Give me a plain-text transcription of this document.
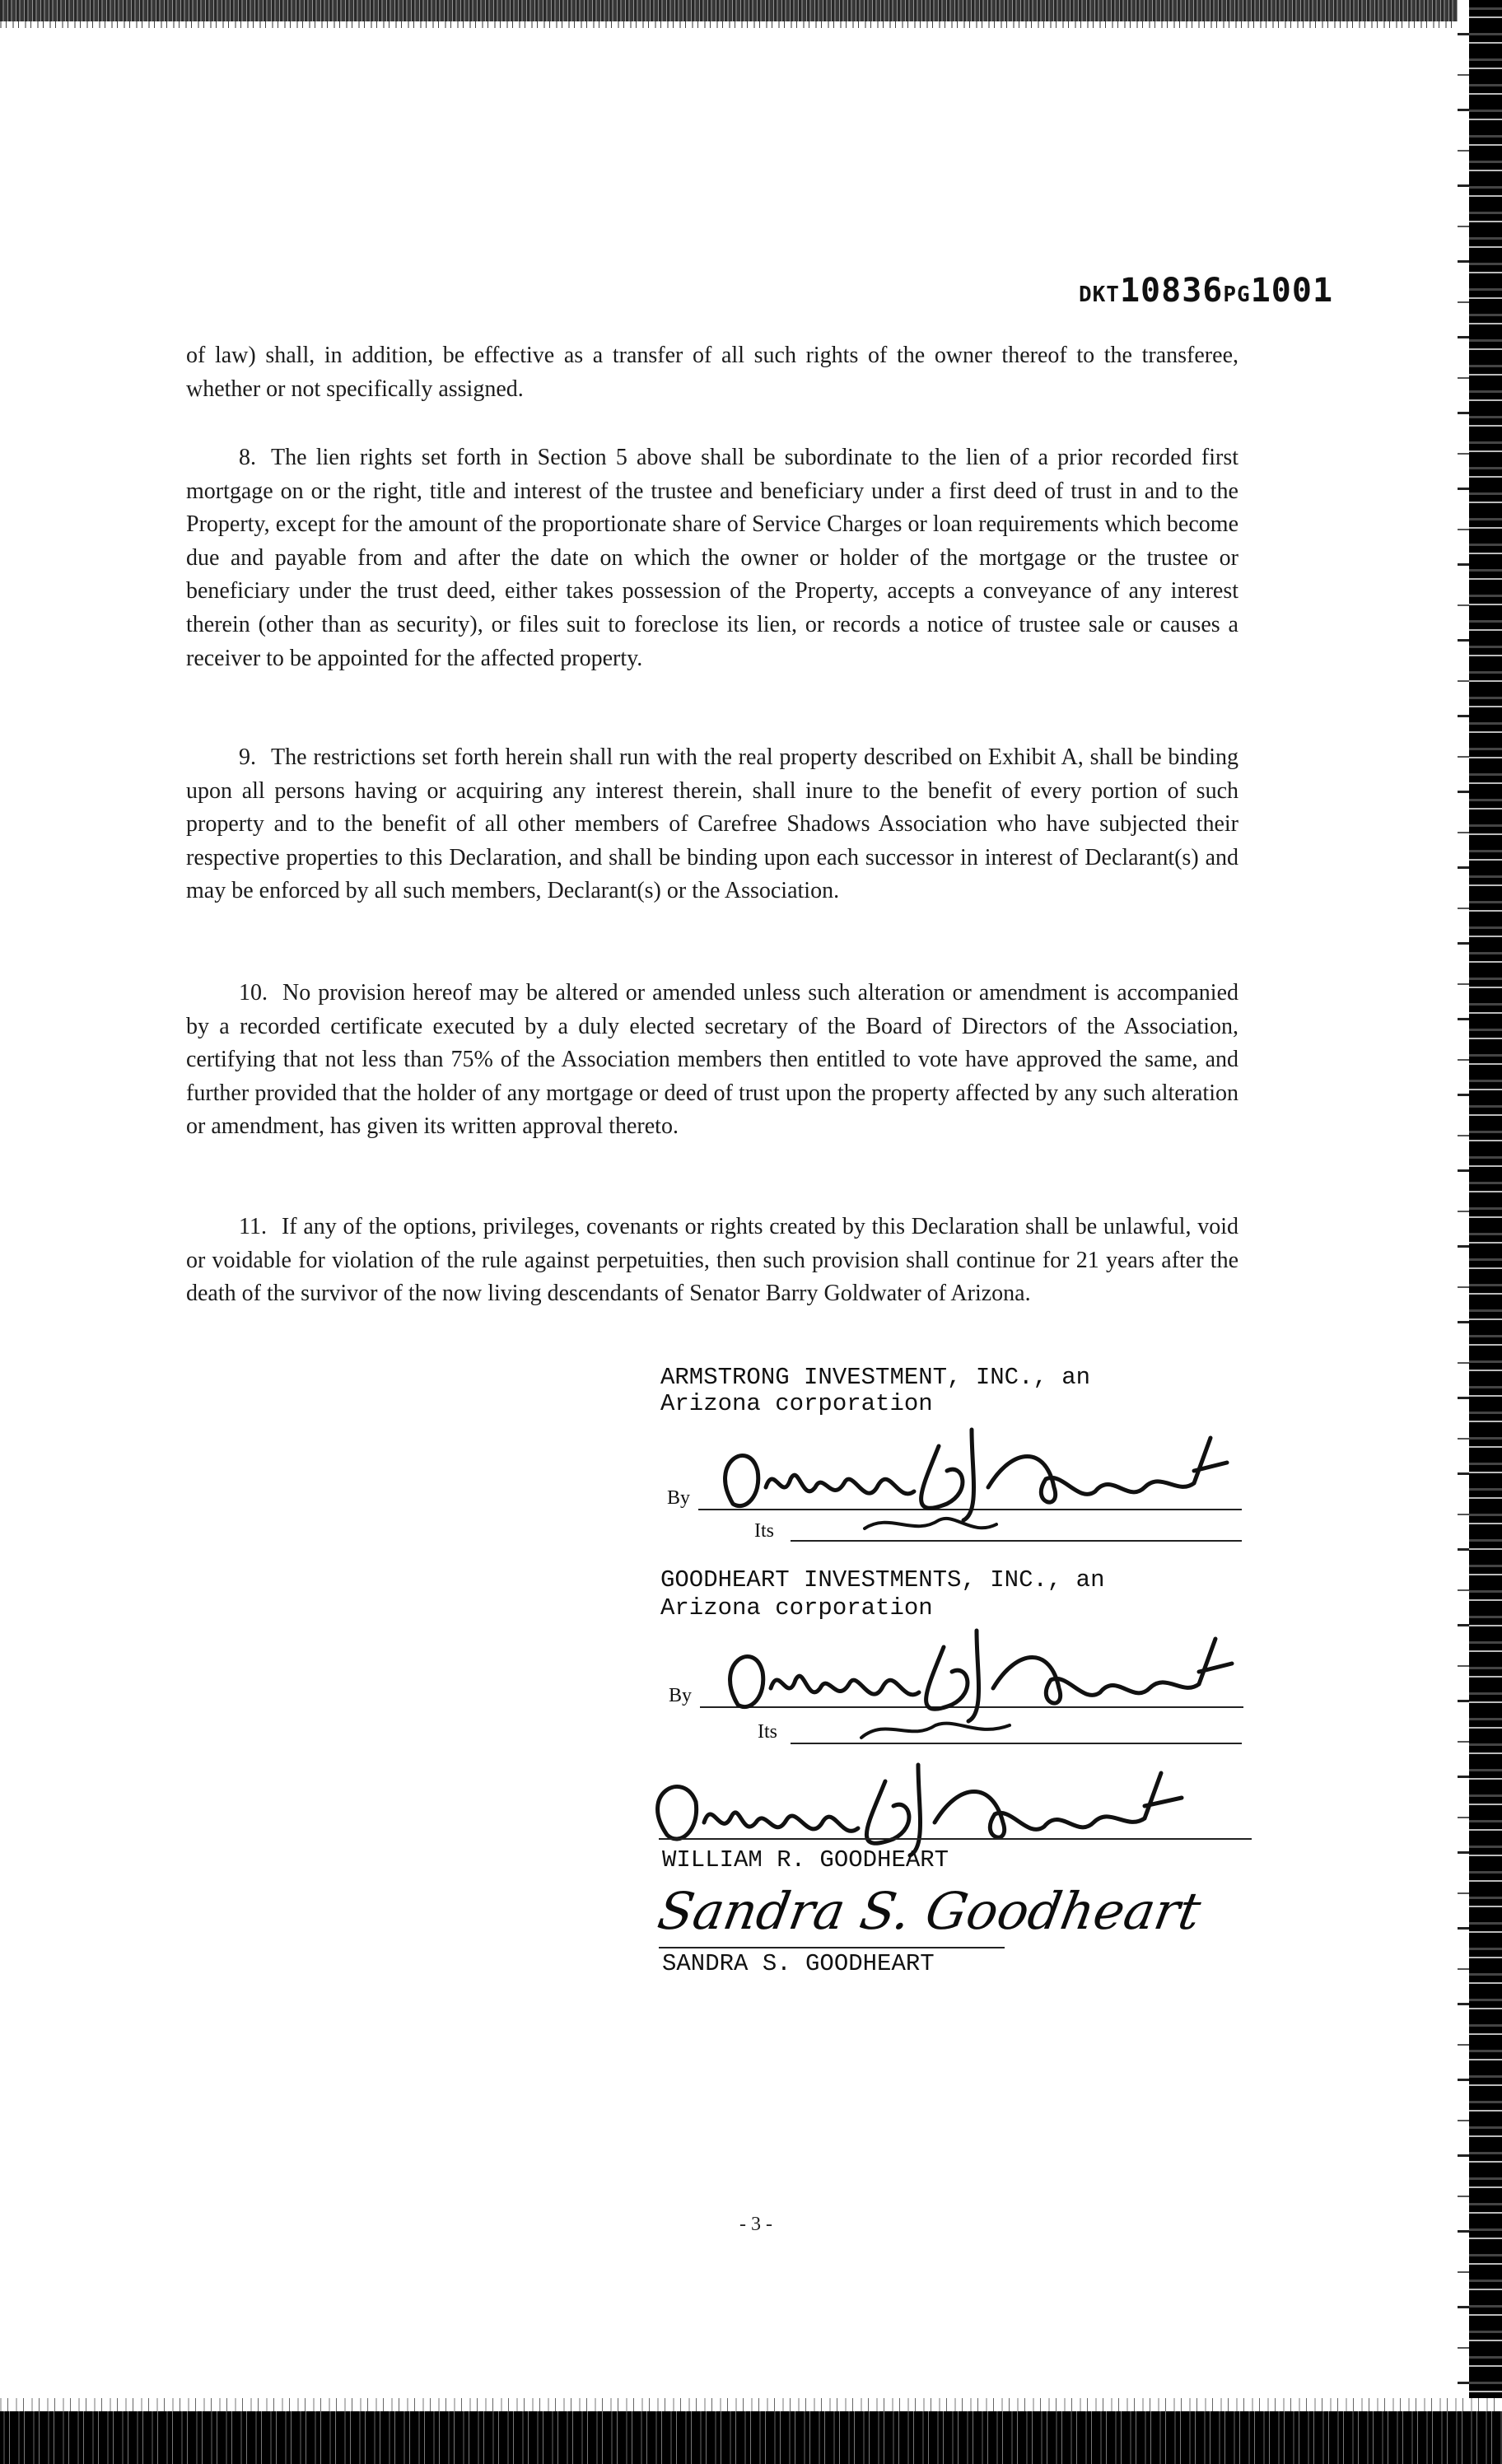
DKT10836PG1001

of law) shall, in addition, be effective as a transfer of all such rights of the owner thereof to the transferee, whether or not specifically assigned.

8. The lien rights set forth in Section 5 above shall be subordinate to the lien of a prior recorded first mortgage on or the right, title and interest of the trustee and beneficiary under a first deed of trust in and to the Property, except for the amount of the proportionate share of Service Charges or loan requirements which become due and payable from and after the date on which the owner or holder of the mortgage or the trustee or beneficiary under the trust deed, either takes possession of the Property, accepts a conveyance of any interest therein (other than as security), or files suit to foreclose its lien, or records a notice of trustee sale or causes a receiver to be appointed for the affected property.

9. The restrictions set forth herein shall run with the real property described on Exhibit A, shall be binding upon all persons having or acquiring any interest therein, shall inure to the benefit of every portion of such property and to the benefit of all other members of Carefree Shadows Association who have subjected their respective properties to this Declaration, and shall be binding upon each successor in interest of Declarant(s) and may be enforced by all such members, Declarant(s) or the Association.

10. No provision hereof may be altered or amended unless such alteration or amendment is accompanied by a recorded certificate executed by a duly elected secretary of the Board of Directors of the Association, certifying that not less than 75% of the Association members then entitled to vote have approved the same, and further provided that the holder of any mortgage or deed of trust upon the property affected by any such alteration or amendment, has given its written approval thereto.

11. If any of the options, privileges, covenants or rights created by this Declaration shall be unlawful, void or voidable for violation of the rule against perpetuities, then such provision shall continue for 21 years after the death of the survivor of the now living descendants of Senator Barry Goldwater of Arizona.

ARMSTRONG INVESTMENT, INC., an
Arizona corporation
By
Its
GOODHEART INVESTMENTS, INC., an
Arizona corporation
By
Its
WILLIAM R. GOODHEART
Sandra S. Goodheart
SANDRA S. GOODHEART
- 3 -
